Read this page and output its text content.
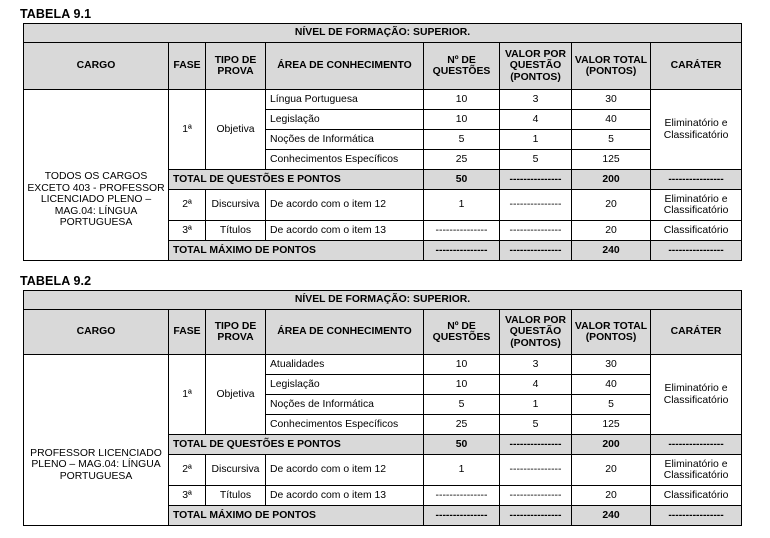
TABELA 9.1
NÍVEL DE FORMAÇÃO: SUPERIOR.							
CARGO	FASE	TIPO DE PROVA	ÁREA DE CONHECIMENTO	Nº DE QUESTÕES	VALOR POR QUESTÃO (PONTOS)	VALOR TOTAL (PONTOS)	CARÁTER
TODOS OS CARGOS EXCETO 403 - PROFESSOR LICENCIADO PLENO – MAG.04: LÍNGUA PORTUGUESA	1ª	Objetiva	Língua Portuguesa	10	3	30	Eliminatório e Classificatório
			Legislação	10	4	40	
			Noções de Informática	5	1	5	
			Conhecimentos Específicos	25	5	125	
	TOTAL DE QUESTÕES E PONTOS			50	---------------	200	----------------
	2ª	Discursiva	De acordo com o item 12	1	---------------	20	Eliminatório e Classificatório
	3ª	Títulos	De acordo com o item 13	---------------	---------------	20	Classificatório
	TOTAL MÁXIMO DE PONTOS			---------------	---------------	240	----------------
TABELA 9.2
NÍVEL DE FORMAÇÃO: SUPERIOR.							
CARGO	FASE	TIPO DE PROVA	ÁREA DE CONHECIMENTO	Nº DE QUESTÕES	VALOR POR QUESTÃO (PONTOS)	VALOR TOTAL (PONTOS)	CARÁTER
PROFESSOR LICENCIADO PLENO – MAG.04: LÍNGUA PORTUGUESA	1ª	Objetiva	Atualidades	10	3	30	Eliminatório e Classificatório
			Legislação	10	4	40	
			Noções de Informática	5	1	5	
			Conhecimentos Específicos	25	5	125	
	TOTAL DE QUESTÕES E PONTOS			50	---------------	200	----------------
	2ª	Discursiva	De acordo com o item 12	1	---------------	20	Eliminatório e Classificatório
	3ª	Títulos	De acordo com o item 13	---------------	---------------	20	Classificatório
	TOTAL MÁXIMO DE PONTOS			---------------	---------------	240	----------------
